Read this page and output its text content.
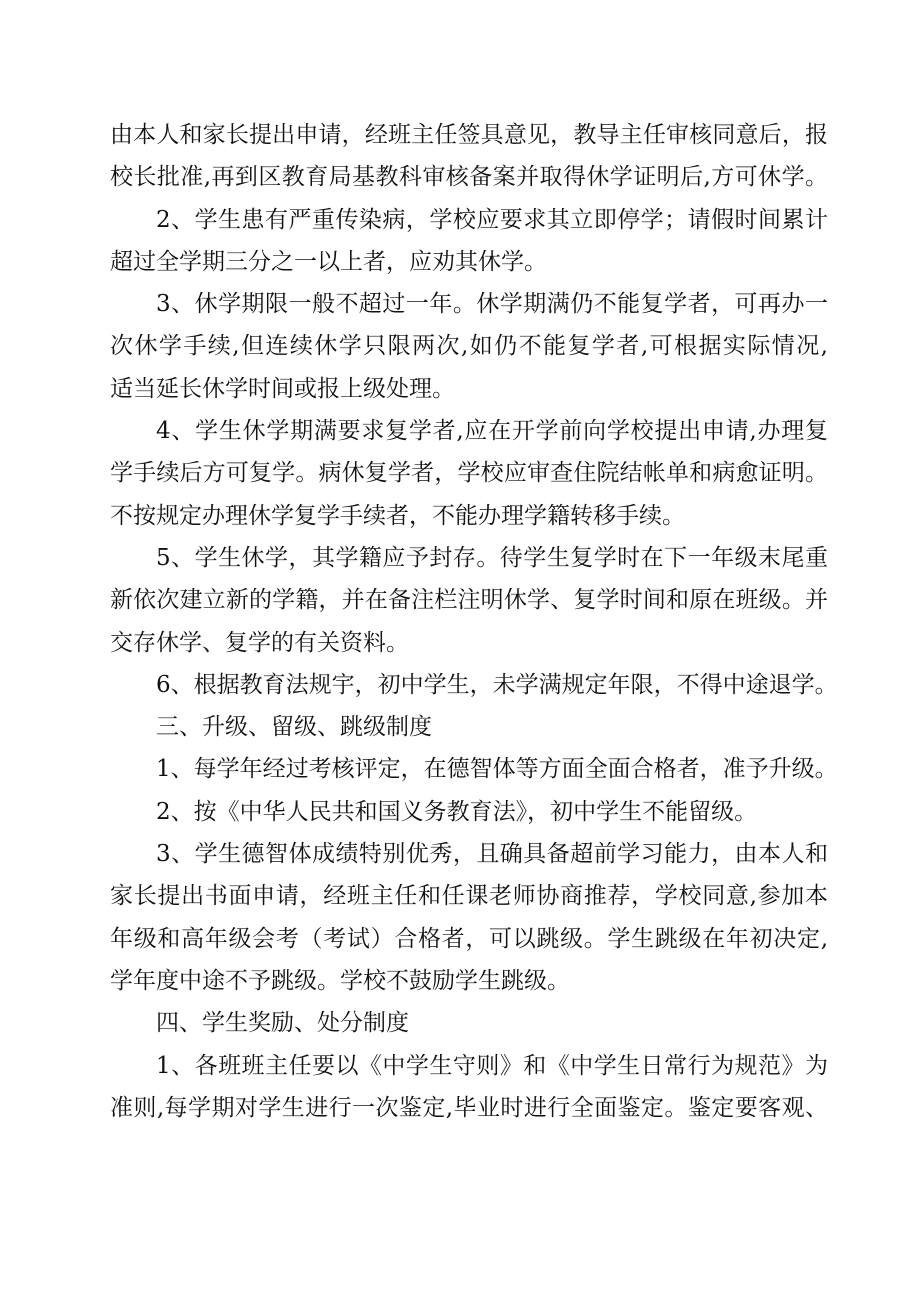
由本人和家长提出申请，经班主任签具意见，教导主任审核同意后，报
校长批准,再到区教育局基教科审核备案并取得休学证明后,方可休学。
2、学生患有严重传染病，学校应要求其立即停学；请假时间累计
超过全学期三分之一以上者，应劝其休学。
3、休学期限一般不超过一年。休学期满仍不能复学者，可再办一
次休学手续,但连续休学只限两次,如仍不能复学者,可根据实际情况,
适当延长休学时间或报上级处理。
4、学生休学期满要求复学者,应在开学前向学校提出申请,办理复
学手续后方可复学。病休复学者，学校应审查住院结帐单和病愈证明。
不按规定办理休学复学手续者，不能办理学籍转移手续。
5、学生休学，其学籍应予封存。待学生复学时在下一年级末尾重
新依次建立新的学籍，并在备注栏注明休学、复学时间和原在班级。并
交存休学、复学的有关资料。
6、根据教育法规宇，初中学生，未学满规定年限，不得中途退学。
三、升级、留级、跳级制度
1、每学年经过考核评定，在德智体等方面全面合格者，准予升级。
2、按《中华人民共和国义务教育法》，初中学生不能留级。
3、学生德智体成绩特别优秀，且确具备超前学习能力，由本人和
家长提出书面申请，经班主任和任课老师协商推荐，学校同意,参加本
年级和高年级会考（考试）合格者，可以跳级。学生跳级在年初决定,
学年度中途不予跳级。学校不鼓励学生跳级。
四、学生奖励、处分制度
1、各班班主任要以《中学生守则》和《中学生日常行为规范》为
准则,每学期对学生进行一次鉴定,毕业时进行全面鉴定。鉴定要客观、
